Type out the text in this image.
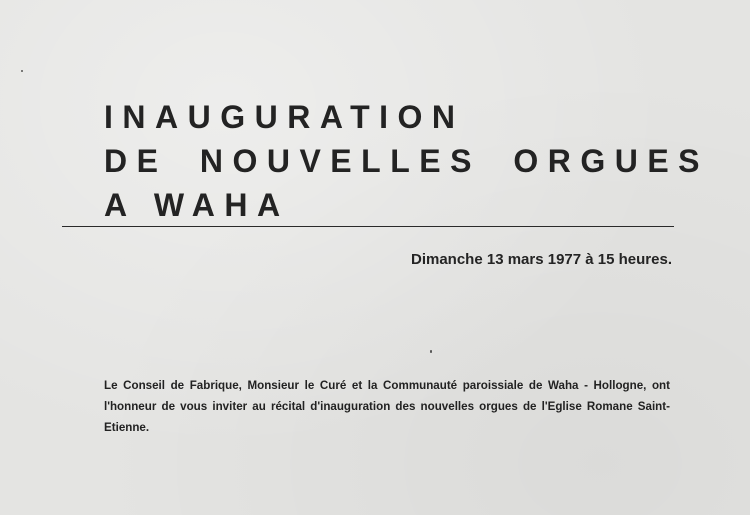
INAUGURATION
DE NOUVELLES ORGUES
A WAHA

Dimanche 13 mars 1977 à 15 heures.

Le Conseil de Fabrique, Monsieur le Curé et la Communauté paroissiale de Waha - Hollogne, ont l'honneur de vous inviter au récital d'inauguration des nouvelles orgues de l'Eglise Romane Saint-Etienne.
